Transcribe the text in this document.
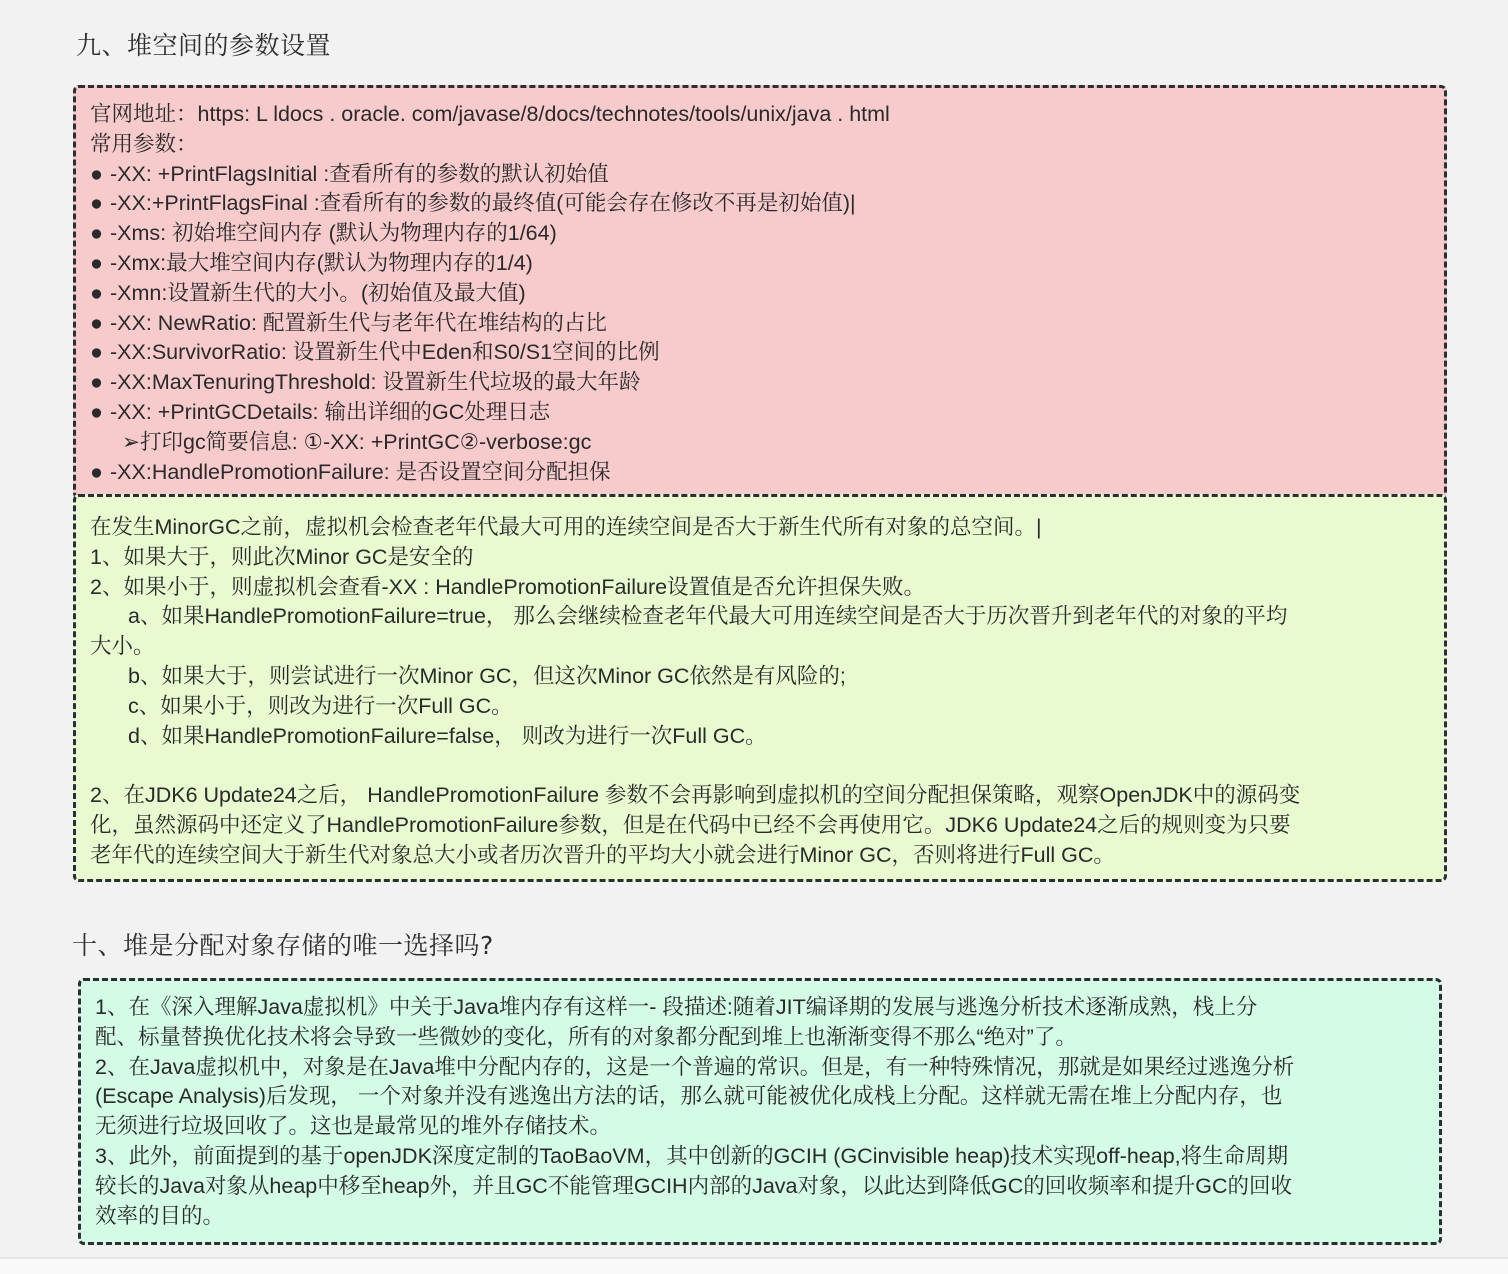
九、堆空间的参数设置
官网地址：https: L ldocs . oracle. com/javase/8/docs/technotes/tools/unix/java . html
常用参数：
● -XX: +PrintFlagsInitial :查看所有的参数的默认初始值
● -XX:+PrintFlagsFinal :查看所有的参数的最终值(可能会存在修改不再是初始值)|
● -Xms: 初始堆空间内存 (默认为物理内存的1/64)
● -Xmx:最大堆空间内存(默认为物理内存的1/4)
● -Xmn:设置新生代的大小。(初始值及最大值)
● -XX: NewRatio: 配置新生代与老年代在堆结构的占比
● -XX:SurvivorRatio: 设置新生代中Eden和S0/S1空间的比例
● -XX:MaxTenuringThreshold: 设置新生代垃圾的最大年龄
● -XX: +PrintGCDetails: 输出详细的GC处理日志
➢打印gc简要信息: ①-XX: +PrintGC②-verbose:gc
● -XX:HandlePromotionFailure: 是否设置空间分配担保
在发生MinorGC之前，虚拟机会检查老年代最大可用的连续空间是否大于新生代所有对象的总空间。|
1、如果大于，则此次Minor GC是安全的
2、如果小于，则虚拟机会查看-XX : HandlePromotionFailure设置值是否允许担保失败。
a、如果HandlePromotionFailure=true， 那么会继续检查老年代最大可用连续空间是否大于历次晋升到老年代的对象的平均
大小。
b、如果大于，则尝试进行一次Minor GC，但这次Minor GC依然是有风险的;
c、如果小于，则改为进行一次Full GC。
d、如果HandlePromotionFailure=false， 则改为进行一次Full GC。
2、在JDK6 Update24之后， HandlePromotionFailure 参数不会再影响到虚拟机的空间分配担保策略，观察OpenJDK中的源码变
化，虽然源码中还定义了HandlePromotionFailure参数，但是在代码中已经不会再使用它。JDK6 Update24之后的规则变为只要
老年代的连续空间大于新生代对象总大小或者历次晋升的平均大小就会进行Minor GC，否则将进行Full GC。
十、堆是分配对象存储的唯一选择吗?
1、在《深入理解Java虚拟机》中关于Java堆内存有这样一- 段描述:随着JIT编译期的发展与逃逸分析技术逐渐成熟，栈上分
配、标量替换优化技术将会导致一些微妙的变化，所有的对象都分配到堆上也渐渐变得不那么“绝对”了。
2、在Java虚拟机中，对象是在Java堆中分配内存的，这是一个普遍的常识。但是，有一种特殊情况，那就是如果经过逃逸分析
(Escape Analysis)后发现， 一个对象并没有逃逸出方法的话，那么就可能被优化成栈上分配。这样就无需在堆上分配内存，也
无须进行垃圾回收了。这也是最常见的堆外存储技术。
3、此外，前面提到的基于openJDK深度定制的TaoBaoVM，其中创新的GCIH (GCinvisible heap)技术实现off-heap,将生命周期
较长的Java对象从heap中移至heap外，并且GC不能管理GCIH内部的Java对象，以此达到降低GC的回收频率和提升GC的回收
效率的目的。
